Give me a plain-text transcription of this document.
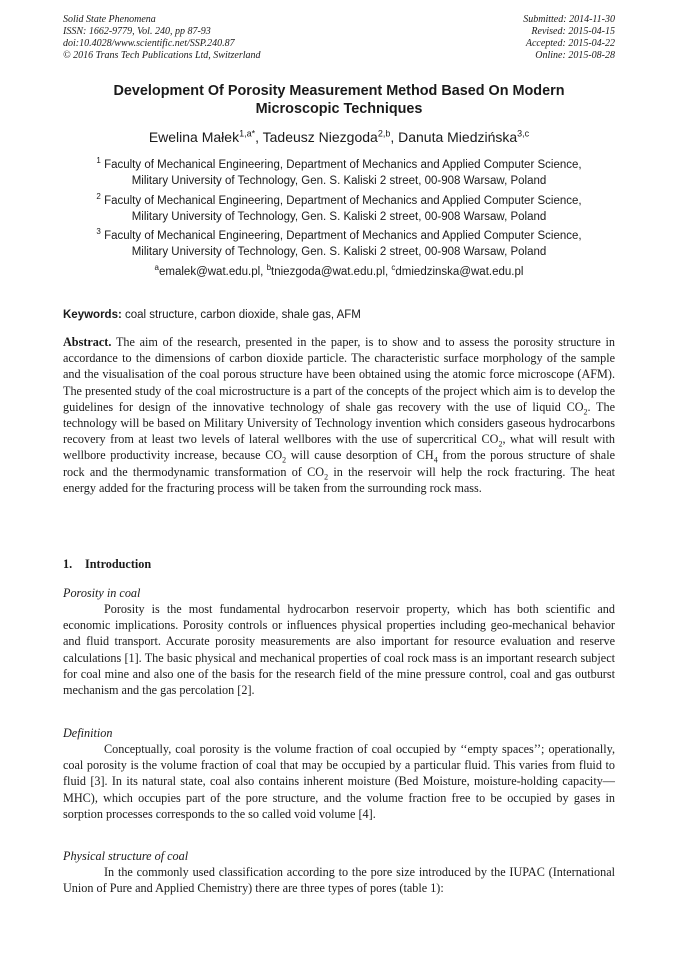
Solid State Phenomena
ISSN: 1662-9779, Vol. 240, pp 87-93
doi:10.4028/www.scientific.net/SSP.240.87
© 2016 Trans Tech Publications Ltd, Switzerland
Submitted: 2014-11-30
Revised: 2015-04-15
Accepted: 2015-04-22
Online: 2015-08-28
Development Of Porosity Measurement Method Based On Modern
Microscopic Techniques
Ewelina Małek$^{1,a*}$, Tadeusz Niezgoda$^{2,b}$, Danuta Miedzińska$^{3,c}$
$^1$ Faculty of Mechanical Engineering, Department of Mechanics and Applied Computer Science,
Military University of Technology, Gen. S. Kaliski 2 street, 00-908 Warsaw, Poland
$^2$ Faculty of Mechanical Engineering, Department of Mechanics and Applied Computer Science,
Military University of Technology, Gen. S. Kaliski 2 street, 00-908 Warsaw, Poland
$^3$ Faculty of Mechanical Engineering, Department of Mechanics and Applied Computer Science,
Military University of Technology, Gen. S. Kaliski 2 street, 00-908 Warsaw, Poland
$^a$emalek@wat.edu.pl, $^b$tniezgoda@wat.edu.pl, $^c$dmiedzinska@wat.edu.pl
Keywords: coal structure, carbon dioxide, shale gas, AFM
Abstract. The aim of the research, presented in the paper, is to show and to assess the porosity structure in accordance to the dimensions of carbon dioxide particle. The characteristic surface morphology of the sample and the visualisation of the coal porous structure have been obtained using the atomic force microscope (AFM). The presented study of the coal microstructure is a part of the concepts of the project which aim is to develop the guidelines for design of the innovative technology of shale gas recovery with the use of liquid $CO_2$. The technology will be based on Military University of Technology invention which considers gaseous hydrocarbons recovery from at least two levels of lateral wellbores with the use of supercritical $CO_2$, what will result with wellbore productivity increase, because $CO_2$ will cause desorption of $CH_4$ from the porous structure of shale rock and the thermodynamic transformation of $CO_2$ in the reservoir will help the rock fracturing. The heat energy added for the fracturing process will be taken from the surrounding rock mass.
1. Introduction
Porosity in coal
Porosity is the most fundamental hydrocarbon reservoir property, which has both scientific and economic implications. Porosity controls or influences physical properties including geo-mechanical behavior and fluid transport. Accurate porosity measurements are also important for resource evaluation and reserve calculations [1]. The basic physical and mechanical properties of coal rock mass is an important research subject for coal mine and also one of the basis for the research field of the mine pressure control, coal and gas outburst mechanism and the gas percolation [2].
Definition
Conceptually, coal porosity is the volume fraction of coal occupied by ‘‘empty spaces’’; operationally, coal porosity is the volume fraction of coal that may be occupied by a particular fluid. This varies from fluid to fluid [3]. In its natural state, coal also contains inherent moisture (Bed Moisture, moisture-holding capacity—MHC), which occupies part of the pore structure, and the volume fraction free to be occupied by gases in sorption processes corresponds to the so called void volume [4].
Physical structure of coal
In the commonly used classification according to the pore size introduced by the IUPAC (International Union of Pure and Applied Chemistry) there are three types of pores (table 1):
